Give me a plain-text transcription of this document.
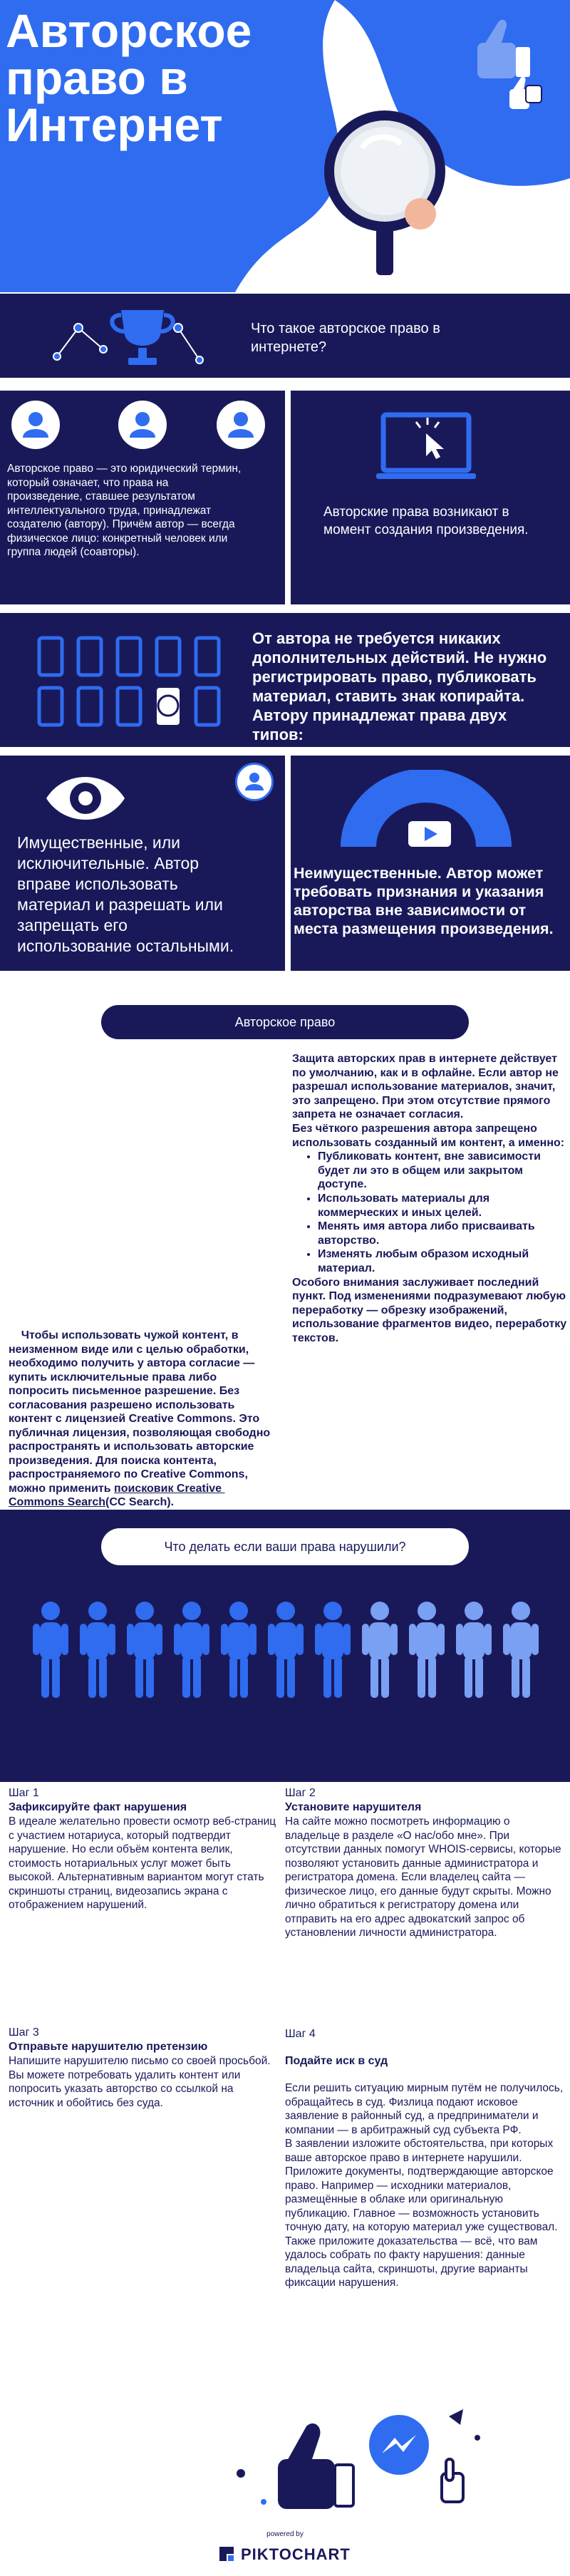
Авторское право в Интернет
Что такое авторское право в интернете?
Авторское право — это юридический термин, который означает, что права на произведение, ставшее результатом интеллектуального труда, принадлежат создателю (автору). Причём автор — всегда физическое лицо: конкретный человек или группа людей (соавторы).
Авторские права возникают в момент создания произведения.
От автора не требуется никаких дополнительных действий. Не нужно регистрировать право, публиковать материал, ставить знак копирайта. Автору принадлежат права двух типов:
Имущественные, или исключительные. Автор вправе использовать материал и разрешать или запрещать его использование остальными.
Неимущественные. Автор может требовать признания и указания авторства вне зависимости от места размещения произведения.
Авторское право
Чтобы использовать чужой контент, в неизменном виде или с целью обработки, необходимо получить у автора согласие — купить исключительные права либо попросить письменное разрешение. Без согласования разрешено использовать контент с лицензией Creative Commons. Это публичная лицензия, позволяющая свободно распространять и использовать авторские произведения. Для поиска контента, распространяемого по Creative Commons, можно применить поисковик Creative Commons Search(CC Search).
Защита авторских прав в интернете действует по умолчанию, как и в офлайне. Если автор не разрешал использование материалов, значит, это запрещено. При этом отсутствие прямого запрета не означает согласия.
Без чёткого разрешения автора запрещено использовать созданный им контент, а именно:
• Публиковать контент, вне зависимости будет ли это в общем или закрытом доступе.
• Использовать материалы для коммерческих и иных целей.
• Менять имя автора либо присваивать авторство.
• Изменять любым образом исходный материал.
Особого внимания заслуживает последний пункт. Под изменениями подразумевают любую переработку — обрезку изображений, использование фрагментов видео, переработку текстов.
Что делать если ваши права нарушили?
Шаг 1
Зафиксируйте факт нарушения
В идеале желательно провести осмотр веб-страниц с участием нотариуса, который подтвердит нарушение. Но если объём контента велик, стоимость нотариальных услуг может быть высокой. Альтернативным вариантом могут стать скриншоты страниц, видеозапись экрана с отображением нарушений.
Шаг 2
Установите нарушителя
На сайте можно посмотреть информацию о владельце в разделе «О нас/обо мне». При отсутствии данных помогут WHOIS-сервисы, которые позволяют установить данные администратора и регистратора домена. Если владелец сайта — физическое лицо, его данные будут скрыты. Можно лично обратиться к регистратору домена или отправить на его адрес адвокатский запрос об установлении личности администратора.
Шаг 3
Отправьте нарушителю претензию
Напишите нарушителю письмо со своей просьбой. Вы можете потребовать удалить контент или попросить указать авторство со ссылкой на источник и обойтись без суда.

Шаг 4

Подайте иск в суд

Если решить ситуацию мирным путём не получилось, обращайтесь в суд. Физлица подают исковое заявление в районный суд, а предприниматели и компании — в арбитражный суд субъекта РФ.
В заявлении изложите обстоятельства, при которых ваше авторское право в интернете нарушили. Приложите документы, подтверждающие авторское право. Например — исходники материалов, размещённые в облаке или оригинальную публикацию. Главное — возможность установить точную дату, на которую материал уже существовал.
Также приложите доказательства — всё, что вам удалось собрать по факту нарушения: данные владельца сайта, скриншоты, другие варианты фиксации нарушения.

powered by
PIKTOCHART
